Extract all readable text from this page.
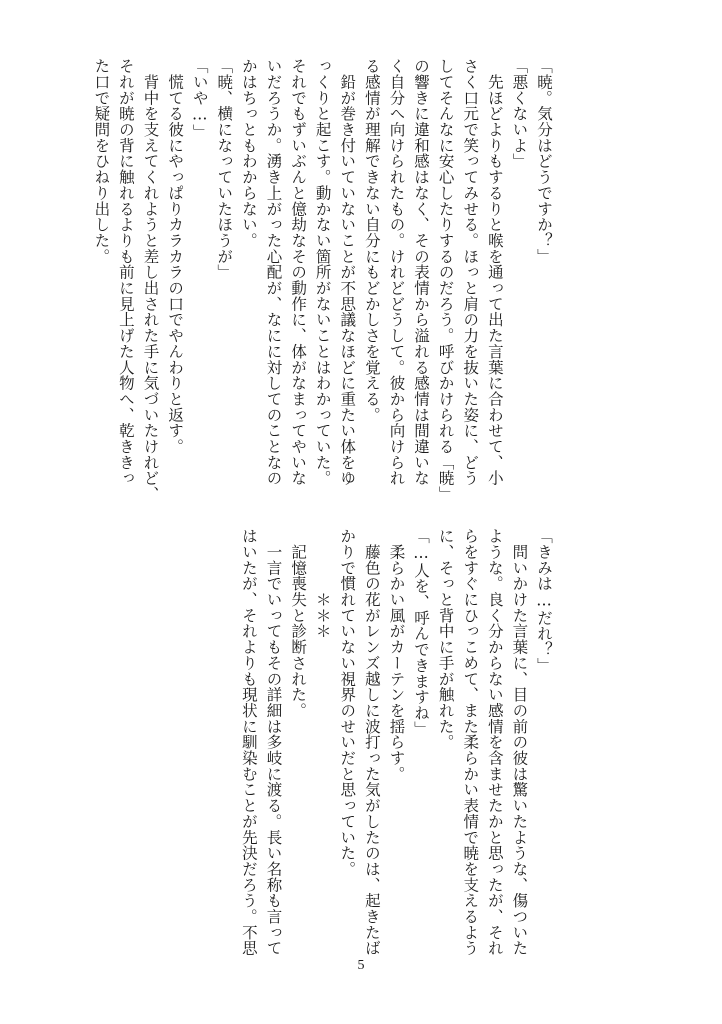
「暁。気分はどうですか？」
「悪くないよ」
　先ほどよりもするりと喉を通って出た言葉に合わせて、小
さく口元で笑ってみせる。ほっと肩の力を抜いた姿に、どう
してそんなに安心したりするのだろう。呼びかけられる「暁」
の響きに違和感はなく、その表情から溢れる感情は間違いな
く自分へ向けられたもの。けれどどうして。彼から向けられ
る感情が理解できない自分にもどかしさを覚える。
　鉛が巻き付いていないことが不思議なほどに重たい体をゆ
っくりと起こす。動かない箇所がないことはわかっていた。
それでもずいぶんと億劫なその動作に、体がなまってやいな
いだろうか。湧き上がった心配が、なにに対してのことなの
かはちっともわからない。
「暁、横になっていたほうが」
「いや…」
　慌てる彼にやっぱりカラカラの口でやんわりと返す。
　背中を支えてくれようと差し出された手に気づいたけれど、
それが暁の背に触れるよりも前に見上げた人物へ、乾ききっ
た口で疑問をひねり出した。
「きみは…だれ？」
　問いかけた言葉に、目の前の彼は驚いたような、傷ついた
ような。良く分からない感情を含ませたかと思ったが、それ
らをすぐにひっこめて、また柔らかい表情で暁を支えるよう
に、そっと背中に手が触れた。
「…人を、呼んできますね」
　柔らかい風がカーテンを揺らす。
　藤色の花がレンズ越しに波打った気がしたのは、起きたば
かりで慣れていない視界のせいだと思っていた。
　　　　＊＊＊
　記憶喪失と診断された。
　一言でいってもその詳細は多岐に渡る。長い名称も言って
はいたが、それよりも現状に馴染むことが先決だろう。不思
5
